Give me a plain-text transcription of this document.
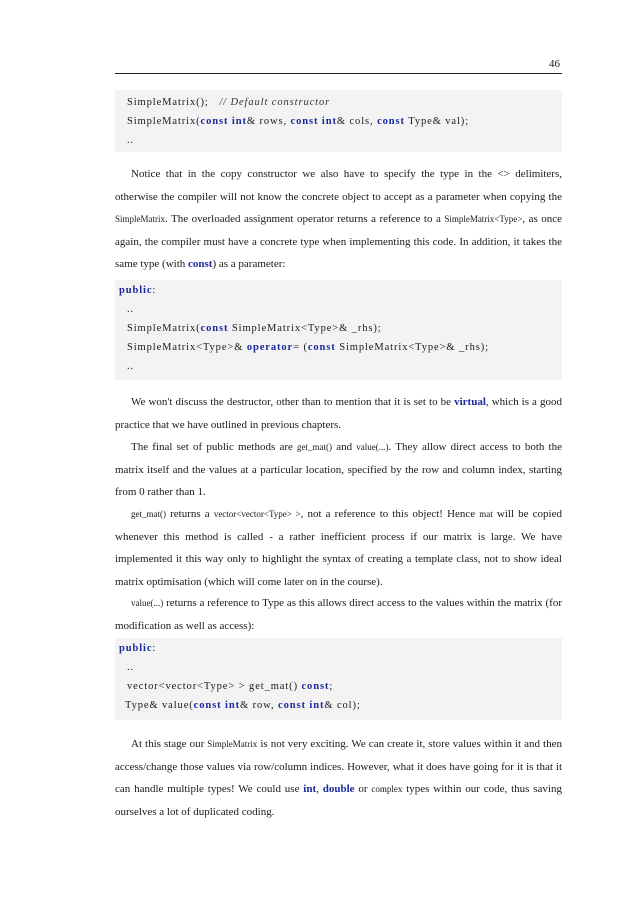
46
SimpleMatrix(); // Default constructor
SimpleMatrix(const int& rows, const int& cols, const Type& val);
..

Notice that in the copy constructor we also have to specify the type in the <> delimiters, otherwise the compiler will not know the concrete object to accept as a parameter when copying the SimpleMatrix. The overloaded assignment operator returns a reference to a SimpleMatrix<Type>, as once again, the compiler must have a concrete type when implementing this code. In addition, it takes the same type (with const) as a parameter:

public:
..
SimpleMatrix(const SimpleMatrix<Type>& _rhs);
SimpleMatrix<Type>& operator= (const SimpleMatrix<Type>& _rhs);
..

We won't discuss the destructor, other than to mention that it is set to be virtual, which is a good practice that we have outlined in previous chapters.

The final set of public methods are get_mat() and value(...). They allow direct access to both the matrix itself and the values at a particular location, specified by the row and column index, starting from 0 rather than 1.

get_mat() returns a vector<vector<Type> >, not a reference to this object! Hence mat will be copied whenever this method is called - a rather inefficient process if our matrix is large. We have implemented it this way only to highlight the syntax of creating a template class, not to show ideal matrix optimisation (which will come later on in the course).

value(...) returns a reference to Type as this allows direct access to the values within the matrix (for modification as well as access):

public:
..
vector<vector<Type> > get_mat() const;
Type& value(const int& row, const int& col);

At this stage our SimpleMatrix is not very exciting. We can create it, store values within it and then access/change those values via row/column indices. However, what it does have going for it is that it can handle multiple types! We could use int, double or complex types within our code, thus saving ourselves a lot of duplicated coding.
